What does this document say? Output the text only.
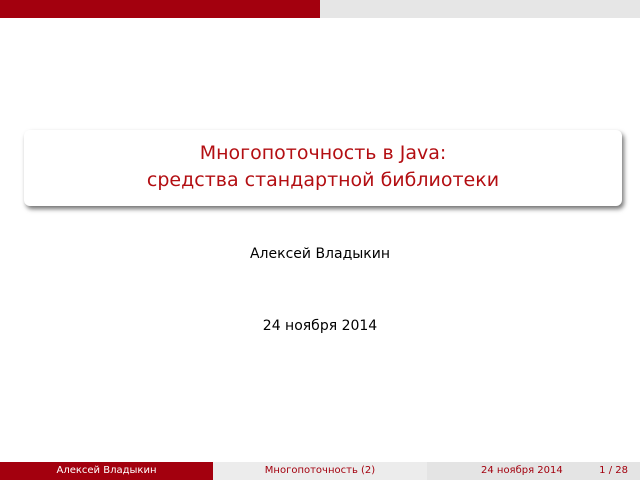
Многопоточность в Java:
средства стандартной библиотеки
Алексей Владыкин
24 ноября 2014
Алексей Владыкин	Многопоточность (2)	24 ноября 2014	1 / 28
